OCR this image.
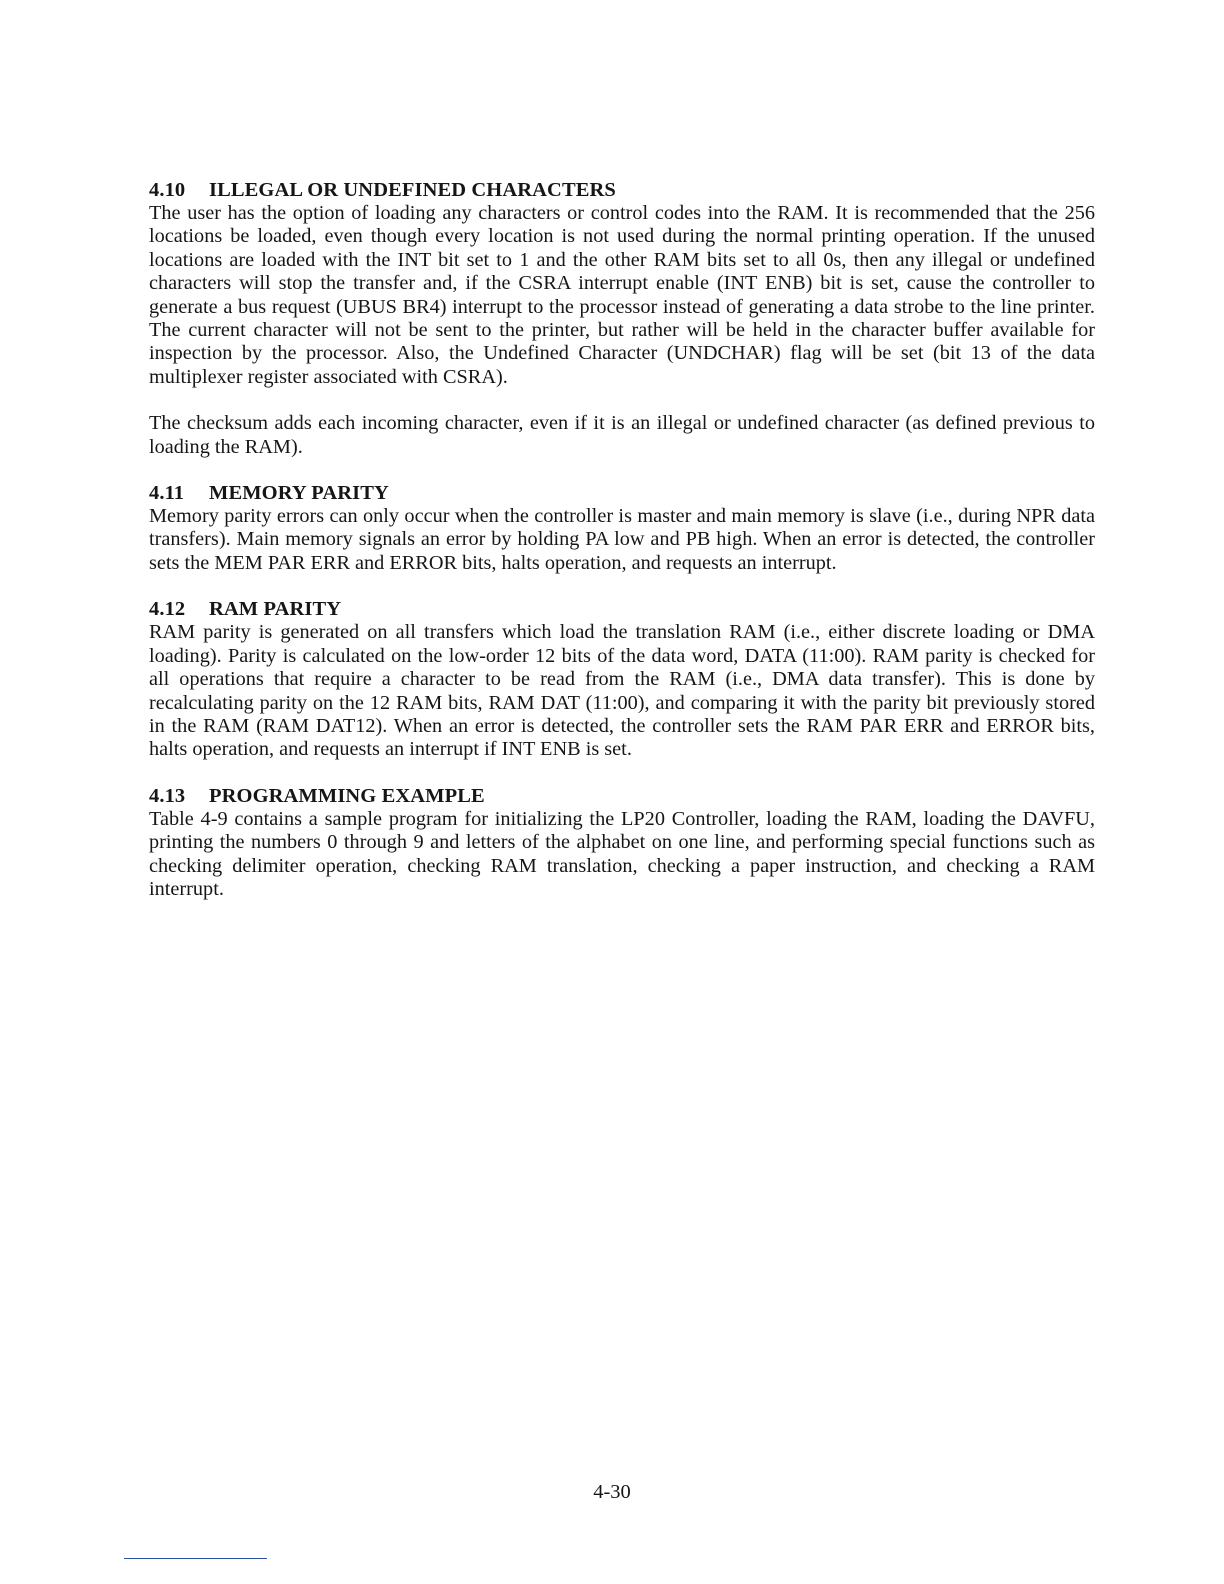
4.10 ILLEGAL OR UNDEFINED CHARACTERS

The user has the option of loading any characters or control codes into the RAM. It is recommended that the 256 locations be loaded, even though every location is not used during the normal printing operation. If the unused locations are loaded with the INT bit set to 1 and the other RAM bits set to all 0s, then any illegal or undefined characters will stop the transfer and, if the CSRA interrupt enable (INT ENB) bit is set, cause the controller to generate a bus request (UBUS BR4) interrupt to the processor instead of generating a data strobe to the line printer. The current character will not be sent to the printer, but rather will be held in the character buffer available for inspection by the processor. Also, the Undefined Character (UNDCHAR) flag will be set (bit 13 of the data multiplexer register associated with CSRA).

The checksum adds each incoming character, even if it is an illegal or undefined character (as defined previous to loading the RAM).

4.11 MEMORY PARITY

Memory parity errors can only occur when the controller is master and main memory is slave (i.e., during NPR data transfers). Main memory signals an error by holding PA low and PB high. When an error is detected, the controller sets the MEM PAR ERR and ERROR bits, halts operation, and requests an interrupt.

4.12 RAM PARITY

RAM parity is generated on all transfers which load the translation RAM (i.e., either discrete loading or DMA loading). Parity is calculated on the low-order 12 bits of the data word, DATA (11:00). RAM parity is checked for all operations that require a character to be read from the RAM (i.e., DMA data transfer). This is done by recalculating parity on the 12 RAM bits, RAM DAT (11:00), and comparing it with the parity bit previously stored in the RAM (RAM DAT12). When an error is detected, the controller sets the RAM PAR ERR and ERROR bits, halts operation, and requests an interrupt if INT ENB is set.

4.13 PROGRAMMING EXAMPLE

Table 4-9 contains a sample program for initializing the LP20 Controller, loading the RAM, loading the DAVFU, printing the numbers 0 through 9 and letters of the alphabet on one line, and performing special functions such as checking delimiter operation, checking RAM translation, checking a paper instruction, and checking a RAM interrupt.

4-30
